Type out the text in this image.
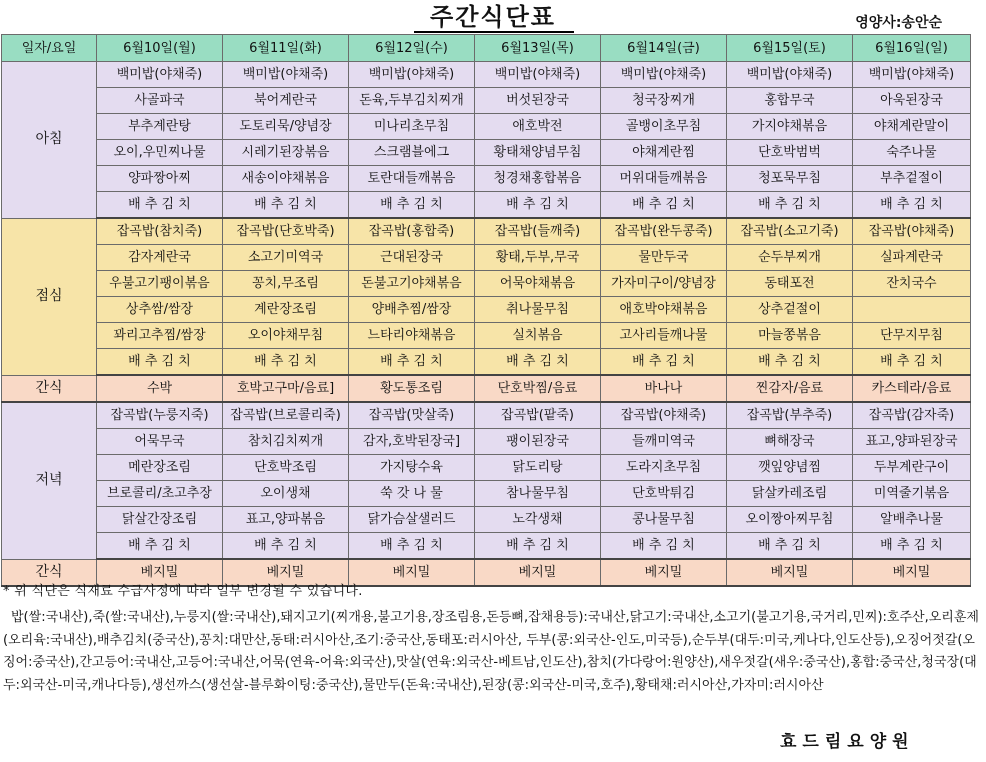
주간식단표	영양사:송안순
일자/요일	6월10일(월)	6월11일(화)	6월12일(수)	6월13일(목)	6월14일(금)	6월15일(토)	6월16일(일)
아침	백미밥(야채죽)	백미밥(야채죽)	백미밥(야채죽)	백미밥(야채죽)	백미밥(야채죽)	백미밥(야채죽)	백미밥(야채죽)
	사골파국	북어계란국	돈육,두부김치찌개	버섯된장국	청국장찌개	홍합무국	아욱된장국
	부추계란탕	도토리묵/양념장	미나리초무침	애호박전	골뱅이초무침	가지야채볶음	야채계란말이
	오이,우민찌나물	시레기된장볶음	스크램블에그	황태채양념무침	야채계란찜	단호박범벅	숙주나물
	양파짱아찌	새송이야채볶음	토란대들깨볶음	청경채홍합볶음	머위대들깨볶음	청포묵무침	부추겉절이
	배 추 김 치	배 추 김 치	배 추 김 치	배 추 김 치	배 추 김 치	배 추 김 치	배 추 김 치
점심	잡곡밥(참치죽)	잡곡밥(단호박죽)	잡곡밥(홍합죽)	잡곡밥(들깨죽)	잡곡밥(완두콩죽)	잡곡밥(소고기죽)	잡곡밥(야채죽)
	감자계란국	소고기미역국	근대된장국	황태,두부,무국	물만두국	순두부찌개	실파계란국
	우불고기팽이볶음	꽁치,무조림	돈불고기야채볶음	어묵야채볶음	가자미구이/양념장	동태포전	잔치국수
	상추쌈/쌈장	계란장조림	양배추찜/쌈장	취나물무침	애호박야채볶음	상추겉절이	
	꽈리고추찜/쌈장	오이야채무침	느타리야채볶음	실치볶음	고사리들깨나물	마늘쫑볶음	단무지무침
	배 추 김 치	배 추 김 치	배 추 김 치	배 추 김 치	배 추 김 치	배 추 김 치	배 추 김 치
간식	수박	호박고구마/음료]	황도통조림	단호박찜/음료	바나나	찐감자/음료	카스테라/음료
저녁	잡곡밥(누룽지죽)	잡곡밥(브로콜리죽)	잡곡밥(맛살죽)	잡곡밥(팥죽)	잡곡밥(야채죽)	잡곡밥(부추죽)	잡곡밥(감자죽)
	어묵무국	참치김치찌개	감자,호박된장국]	팽이된장국	들깨미역국	뼈해장국	표고,양파된장국
	메란장조림	단호박조림	가지탕수육	닭도리탕	도라지초무침	깻잎양념찜	두부계란구이
	브로콜리/초고추장	오이생채	쑥 갓 나 물	참나물무침	단호박튀김	닭살카레조림	미역줄기볶음
	닭살간장조림	표고,양파볶음	닭가슴살샐러드	노각생채	콩나물무침	오이짱아찌무침	알배추나물
	배 추 김 치	배 추 김 치	배 추 김 치	배 추 김 치	배 추 김 치	배 추 김 치	배 추 김 치
간식	베지밀	베지밀	베지밀	베지밀	베지밀	베지밀	베지밀
* 위 식단은 식재료 수급사정에 따라 일부 변경될 수 있습니다.
밥(쌀:국내산),죽(쌀:국내산),누룽지(쌀:국내산),돼지고기(찌개용,불고기용,장조림용,돈등뼈,잡채용등):국내산,닭고기:국내산,소고기(불고기용,국거리,민찌):호주산,오리훈제(오리육:국내산),배추김치(중국산),꽁치:대만산,동태:러시아산,조기:중국산,동태포:러시아산, 두부(콩:외국산-인도,미국등),순두부(대두:미국,케나다,인도산등),오징어젓갈(오징어:중국산),간고등어:국내산,고등어:국내산,어묵(연육-어육:외국산),맛살(연육:외국산-베트남,인도산),참치(가다랑어:원양산),새우젓갈(새우:중국산),홍합:중국산,청국장(대두:외국산-미국,캐나다등),생선까스(생선살-블루화이팅:중국산),물만두(돈육:국내산),된장(콩:외국산-미국,호주),황태채:러시아산,가자미:러시아산
효드림요양원
